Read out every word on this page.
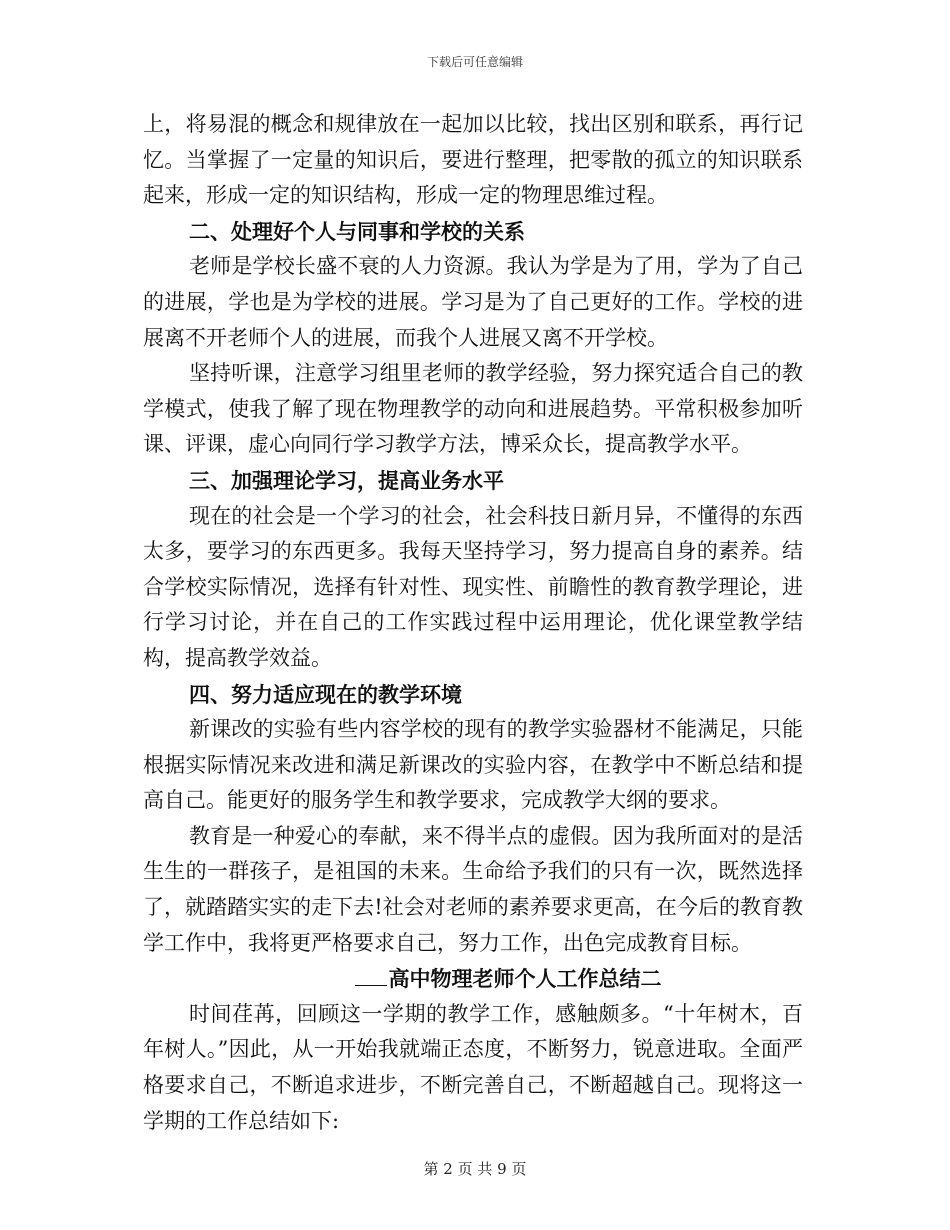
下载后可任意编辑

上，将易混的概念和规律放在一起加以比较，找出区别和联系，再行记忆。当掌握了一定量的知识后，要进行整理，把零散的孤立的知识联系起来，形成一定的知识结构，形成一定的物理思维过程。

二、处理好个人与同事和学校的关系

老师是学校长盛不衰的人力资源。我认为学是为了用，学为了自己的进展，学也是为学校的进展。学习是为了自己更好的工作。学校的进展离不开老师个人的进展，而我个人进展又离不开学校。

坚持听课，注意学习组里老师的教学经验，努力探究适合自己的教学模式，使我了解了现在物理教学的动向和进展趋势。平常积极参加听课、评课，虚心向同行学习教学方法，博采众长，提高教学水平。

三、加强理论学习，提高业务水平

现在的社会是一个学习的社会，社会科技日新月异，不懂得的东西太多，要学习的东西更多。我每天坚持学习，努力提高自身的素养。结合学校实际情况，选择有针对性、现实性、前瞻性的教育教学理论，进行学习讨论，并在自己的工作实践过程中运用理论，优化课堂教学结构，提高教学效益。

四、努力适应现在的教学环境

新课改的实验有些内容学校的现有的教学实验器材不能满足，只能根据实际情况来改进和满足新课改的实验内容，在教学中不断总结和提高自己。能更好的服务学生和教学要求，完成教学大纲的要求。

教育是一种爱心的奉献，来不得半点的虚假。因为我所面对的是活生生的一群孩子，是祖国的未来。生命给予我们的只有一次，既然选择了，就踏踏实实的走下去!社会对老师的素养要求更高，在今后的教育教学工作中，我将更严格要求自己，努力工作，出色完成教育目标。

高中物理老师个人工作总结二

时间荏苒，回顾这一学期的教学工作，感触颇多。“十年树木，百年树人。”因此，从一开始我就端正态度，不断努力，锐意进取。全面严格要求自己，不断追求进步，不断完善自己，不断超越自己。现将这一学期的工作总结如下:

第 2 页 共 9 页
